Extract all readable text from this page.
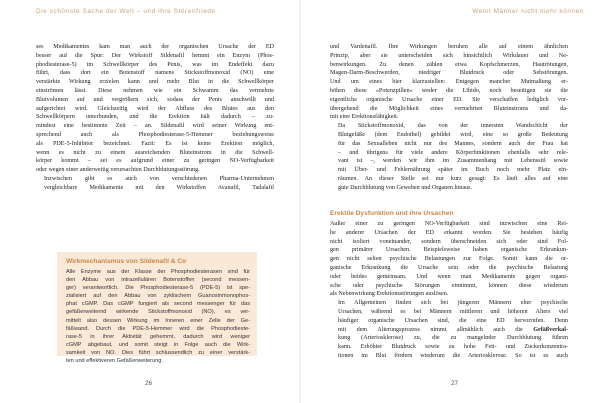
Die schönste Sache der Welt – und ihre Störenfriede

ses Medikamentes kam man auch der organischen Ursache der ED
besser auf die Spur: Der Wirkstoff Sildenafil hemmt ein Enzym (Phos-
phodiesterase-5) im Schwellkörper des Penis, was im Endeffekt dazu
führt, dass dort ein Botenstoff namens Stickstoffmonoxid (NO) eine
verstärkte Wirkung erzielen kann und mehr Blut in die Schwellkörper
einströmen lässt. Diese nehmen wie ein Schwamm das vermehrte
Blutvolumen auf und vergrößern sich, sodass der Penis anschwillt und
aufgerichtet wird. Gleichzeitig wird der Abfluss des Blutes aus den
Schwellkörpern unterbunden, und die Erektion hält dadurch – zu-
mindest eine bestimmte Zeit – an. Sildenafil wird seiner Wirkung ent-
sprechend auch als Phosphodiesterase-5-Hemmer beziehungsweise
als PDE-5-Inhibitor bezeichnet. Fazit: Es ist keine Erektion möglich,
wenn es nicht zu einem ausreichenden Bluteinstrom in die Schwell-
körper kommt – sei es aufgrund einer zu geringen NO-Verfügbarkeit
oder wegen einer anderweitig verursachten Durchblutungsstörung.

Inzwischen gibt es auch von verschiedenen Pharma-Unternehmen
vergleichbare Medikamente mit den Wirkstoffen Avanafil, Tadalafil

Wirkmechanismus von Sildenafil & Co
Alle Enzyme aus der Klasse der Phosphodiesterasen sind für
den Abbau von intrazellulären Botenstoffen (second messen-
ger) verantwortlich. Die Phosphodiesterase-5 (PDE-5) ist spe-
zialisiert auf den Abbau von zyklischem Guanosinmonophos-
phat cGMP. Das cGMP fungiert als second messenger für das
gefäßerweiternd wirkende Stickstoffmonoxid (NO), es ver-
mittelt also dessen Wirkung im Inneren einer Zelle der Ge-
fäßwand. Durch die PDE-5-Hemmer wird die Phosphodieste-
rase-5 in ihrer Aktivität gehemmt, dadurch wird weniger
cGMP abgebaut, und somit steigt in Folge auch die Wirk-
samkeit von NO. Dies führt schlussendlich zu einer verstärk-
ten und effektiveren Gefäßerweiterung.
26
Wenn Männer nicht mehr können

und Vardenafil. Ihre Wirkungen beruhen alle auf einem ähnlichen
Prinzip, aber sie unterscheiden sich hinsichtlich Wirkdauer und Ne-
benwirkungen. Zu denen zählen etwa Kopfschmerzen, Hautrötungen,
Magen-Darm-Beschwerden, niedriger Blutdruck oder Sehstörungen.
Und um eines hier klarzustellen: Entgegen mancher Mutmaßung er-
höhen diese »Potenzpillen« weder die Libido, noch beseitigen sie die
eigentliche organische Ursache einer ED. Sie verschaffen lediglich vor-
übergehend die Möglichkeit eines vermehrten Bluteinstroms und da-
mit eine Erektionsfähigkeit.

Da Stickstoffmonoxid, das von der innersten Wandschicht der
Blutgefäße (dem Endothel) gebildet wird, eine so große Bedeutung
für das Sexualleben nicht nur des Mannes, sondern auch der Frau hat
– und übrigens für viele andere Körperfunktionen ebenfalls sehr rele-
vant ist –, werden wir ihm im Zusammenhang mit Lebensstil sowie
mit Über- und Fehlernährung später im Buch noch mehr Platz ein-
räumen. An dieser Stelle sei nur kurz gesagt: Es läuft alles auf eine
gute Durchblutung von Geweben und Organen hinaus.

Erektile Dysfunktion und ihre Ursachen

Außer einer zu geringen NO-Verfügbarkeit sind inzwischen eine Rei-
he anderer Ursachen der ED erkannt worden. Sie bestehen häufig
nicht isoliert voneinander, sondern überschneiden sich oder sind Fol-
gen primärer Ursachen. Beispielsweise haben organische Erkrankun-
gen nicht selten psychische Belastungen zur Folge. Somit kann die or-
ganische Erkrankung die Ursache sein oder die psychische Belastung
oder beides gemeinsam. Und wenn man Medikamente gegen organi-
sche oder psychische Störungen einnimmt, können diese wiederum
als Nebenwirkung Erektionsstörungen auslösen.

Im Allgemeinen finden sich bei jüngeren Männern eher psychische
Ursachen, während es bei Männern mittleren und höheren Alters viel
häufiger organische Ursachen sind, die eine ED hervorrufen. Denn
mit dem Alterungsprozess nimmt allmählich auch die Gefäßverkal-
kung (Arteriosklerose) zu, die zu mangelnder Durchblutung führen
kann. Erhöhter Blutdruck sowie zu hohe Fett- und Zuckerkonzentra-
tionen im Blut fördern wiederum die Arteriosklerose. So ist es auch

27
